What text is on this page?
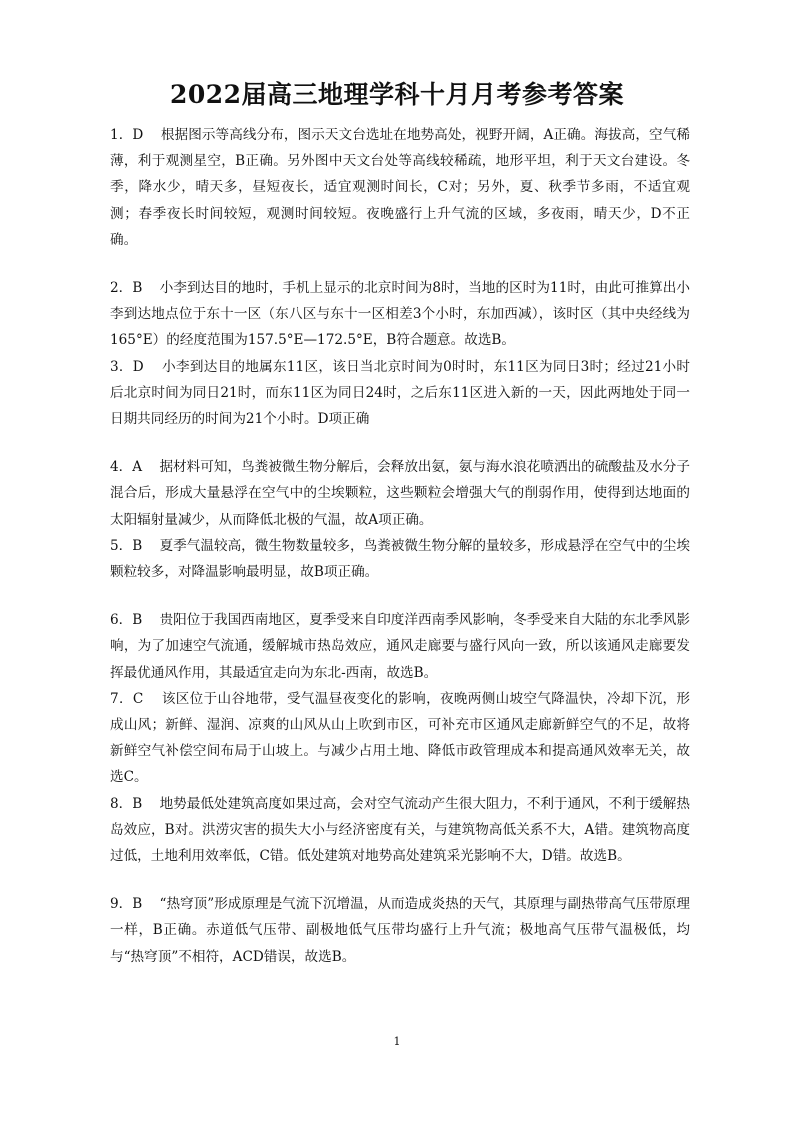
2022届高三地理学科十月月考参考答案

1．D 根据图示等高线分布，图示天文台选址在地势高处，视野开阔，A正确。海拔高，空气稀薄，利于观测星空，B正确。另外图中天文台处等高线较稀疏，地形平坦，利于天文台建设。冬季，降水少，晴天多，昼短夜长，适宜观测时间长，C对；另外，夏、秋季节多雨，不适宜观测；春季夜长时间较短，观测时间较短。夜晚盛行上升气流的区域，多夜雨，晴天少，D不正确。

2．B 小李到达目的地时，手机上显示的北京时间为8时，当地的区时为11时，由此可推算出小李到达地点位于东十一区（东八区与东十一区相差3个小时，东加西减），该时区（其中央经线为165°E）的经度范围为157.5°E—172.5°E，B符合题意。故选B。

3．D 小李到达目的地属东11区，该日当北京时间为0时时，东11区为同日3时；经过21小时后北京时间为同日21时，而东11区为同日24时，之后东11区进入新的一天，因此两地处于同一日期共同经历的时间为21个小时。D项正确

4．A 据材料可知，鸟粪被微生物分解后，会释放出氨，氨与海水浪花喷洒出的硫酸盐及水分子混合后，形成大量悬浮在空气中的尘埃颗粒，这些颗粒会增强大气的削弱作用，使得到达地面的太阳辐射量减少，从而降低北极的气温，故A项正确。

5．B 夏季气温较高，微生物数量较多，鸟粪被微生物分解的量较多，形成悬浮在空气中的尘埃颗粒较多，对降温影响最明显，故B项正确。

6．B 贵阳位于我国西南地区，夏季受来自印度洋西南季风影响，冬季受来自大陆的东北季风影响，为了加速空气流通，缓解城市热岛效应，通风走廊要与盛行风向一致，所以该通风走廊要发挥最优通风作用，其最适宜走向为东北-西南，故选B。

7．C 该区位于山谷地带，受气温昼夜变化的影响，夜晚两侧山坡空气降温快，冷却下沉，形成山风；新鲜、湿润、凉爽的山风从山上吹到市区，可补充市区通风走廊新鲜空气的不足，故将新鲜空气补偿空间布局于山坡上。与减少占用土地、降低市政管理成本和提高通风效率无关，故选C。

8．B 地势最低处建筑高度如果过高，会对空气流动产生很大阻力，不利于通风，不利于缓解热岛效应，B对。洪涝灾害的损失大小与经济密度有关，与建筑物高低关系不大，A错。建筑物高度过低，土地利用效率低，C错。低处建筑对地势高处建筑采光影响不大，D错。故选B。

9．B “热穹顶”形成原理是气流下沉增温，从而造成炎热的天气，其原理与副热带高气压带原理一样，B正确。赤道低气压带、副极地低气压带均盛行上升气流；极地高气压带气温极低，均与“热穹顶”不相符，ACD错误，故选B。

1
